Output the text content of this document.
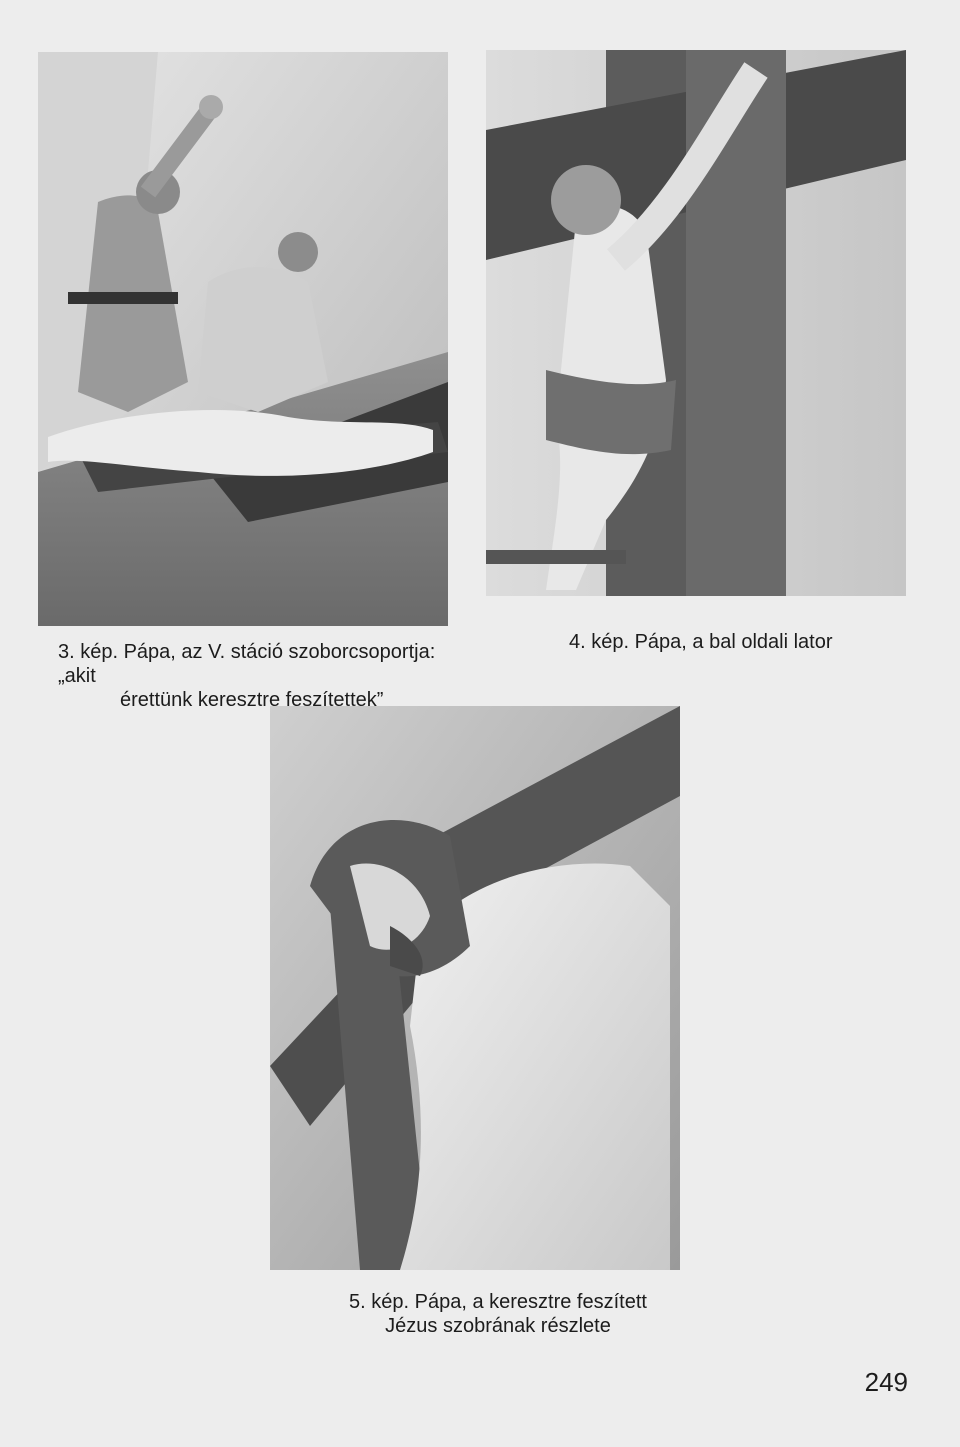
3. kép. Pápa, az V. stáció szoborcsoportja: „akit
érettünk keresztre feszítettek”
4. kép. Pápa, a bal oldali lator
5. kép. Pápa, a keresztre feszített
Jézus szobrának részlete
249
